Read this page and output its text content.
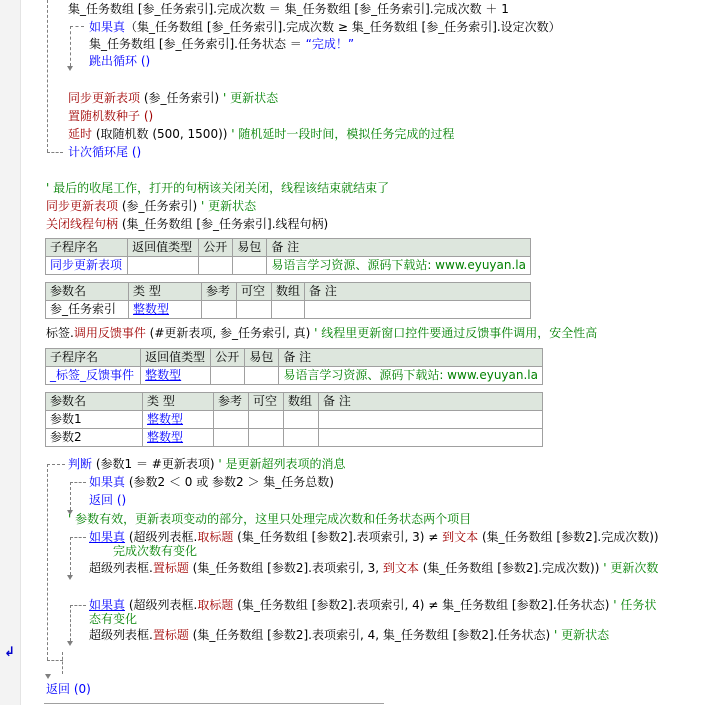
↲
集_任务数组 [参_任务索引].完成次数 ＝ 集_任务数组 [参_任务索引].完成次数 ＋ 1
如果真（集_任务数组 [参_任务索引].完成次数 ≥ 集_任务数组 [参_任务索引].设定次数）
集_任务数组 [参_任务索引].任务状态 ＝ “完成！”
跳出循环 ()
同步更新表项 (参_任务索引) ' 更新状态
置随机数种子 ()
延时 (取随机数 (500, 1500)) ' 随机延时一段时间，模拟任务完成的过程
计次循环尾 ()
' 最后的收尾工作，打开的句柄该关闭关闭，线程该结束就结束了
同步更新表项 (参_任务索引) ' 更新状态
关闭线程句柄 (集_任务数组 [参_任务索引].线程句柄)
子程序名	返回值类型	公开	易包	备 注
同步更新表项				易语言学习资源、源码下载站: www.eyuyan.la
参数名	类 型	参考	可空	数组	备 注
参_任务索引	整数型				
标签.调用反馈事件 (#更新表项, 参_任务索引, 真) ' 线程里更新窗口控件要通过反馈事件调用，安全性高
子程序名	返回值类型	公开	易包	备 注
_标签_反馈事件	整数型			易语言学习资源、源码下载站: www.eyuyan.la
参数名	类 型	参考	可空	数组	备 注
参数1	整数型				
参数2	整数型				
判断 (参数1 ＝ #更新表项) ' 是更新超列表项的消息
如果真 (参数2 ＜ 0 或 参数2 ＞ 集_任务总数)
返回 ()
' 参数有效，更新表项变动的部分，这里只处理完成次数和任务状态两个项目
如果真 (超级列表框.取标题 (集_任务数组 [参数2].表项索引, 3) ≠ 到文本 (集_任务数组 [参数2].完成次数))
完成次数有变化
超级列表框.置标题 (集_任务数组 [参数2].表项索引, 3, 到文本 (集_任务数组 [参数2].完成次数)) ' 更新次数
如果真 (超级列表框.取标题 (集_任务数组 [参数2].表项索引, 4) ≠ 集_任务数组 [参数2].任务状态) ' 任务状
态有变化
超级列表框.置标题 (集_任务数组 [参数2].表项索引, 4, 集_任务数组 [参数2].任务状态) ' 更新状态
返回 (0)
